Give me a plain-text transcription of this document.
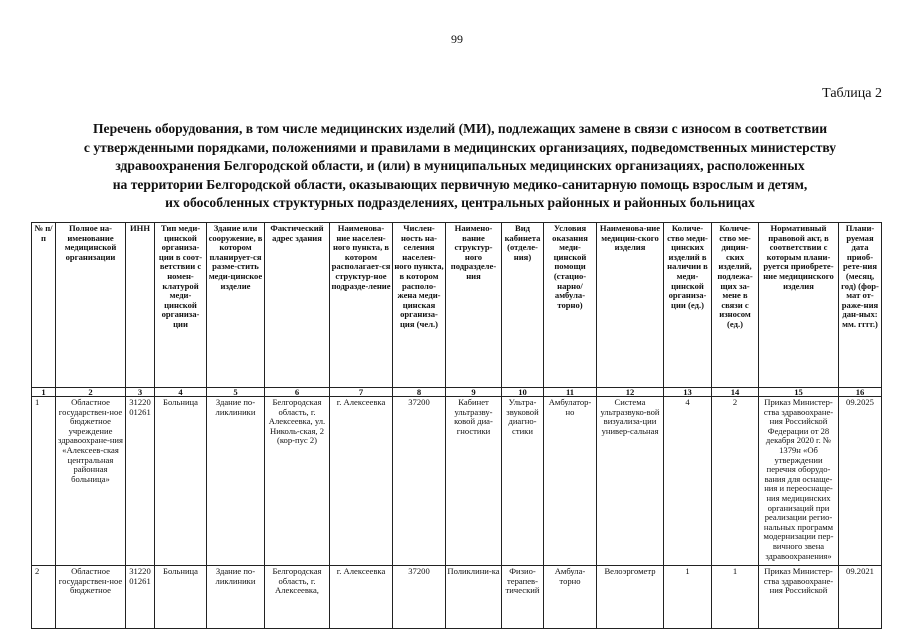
99
Таблица 2
Перечень оборудования, в том числе медицинских изделий (МИ), подлежащих замене в связи с износом в соответствии
с утвержденными порядками, положениями и правилами в медицинских организациях, подведомственных министерству
здравоохранения Белгородской области, и (или) в муниципальных медицинских организациях, расположенных
на территории Белгородской области, оказывающих первичную медико-санитарную помощь взрослым и детям,
их обособленных структурных подразделениях, центральных районных и районных больницах
№ п/п	Полное на-именование медицинской организации	ИНН	Тип меди-цинской организа-ции в соот-ветствии с номен-клатурой меди-цинской организа-ции	Здание или сооружение, в котором планирует-ся разме-стить меди-цинское изделие	Фактический адрес здания	Наименова-ние населен-ного пункта, в котором располагает-ся структур-ное подразде-ление	Числен-ность на-селения населен-ного пункта, в котором располо-жена меди-цинская организа-ция (чел.)	Наимено-вание структур-ного подразделе-ния	Вид кабинета (отделе-ния)	Условия оказания меди-цинской помощи (стацио-нарно/ амбула-торно)	Наименова-ние медицин-ского изделия	Количе-ство меди-цинских изделий в наличии в меди-цинской организа-ции (ед.)	Количе-ство ме-дицин-ских изделий, подлежа-щих за-мене в связи с износом (ед.)	Нормативный правовой акт, в соответствии с которым плани-руется приобрете-ние медицинского изделия	Плани-руемая дата приоб-рете-ния (месяц, год) (фор-мат от-раже-ния дан-ных: мм. гггг.)
1	2	3	4	5	6	7	8	9	10	11	12	13	14	15	16
1	Областное государствен-ное бюджетное учреждение здравоохране-ния «Алексеев-ская центральная районная больница»	31220 01261	Больница	Здание по-ликлиники	Белгородская область, г. Алексеевка, ул. Николь-ская, 2 (кор-пус 2)	г. Алексеевка	37200	Кабинет ультразву-ковой диа-гностики	Ультра-звуковой диагно-стики	Амбулатор-но	Система ультразвуко-вой визуализа-ции универ-сальная	4	2	Приказ Министер-ства здравоохране-ния Российской Федерации от 28 декабря 2020 г. № 1379н «Об утверждении перечня оборудо-вания для оснаще-ния и переоснаще-ния медицинских организаций при реализации регио-нальных программ модернизации пер-вичного звена здравоохранения»	09.2025
2	Областное государствен-ное бюджетное	31220 01261	Больница	Здание по-ликлиники	Белгородская область, г. Алексеевка,	г. Алексеевка	37200	Поликлини-ка	Физио-терапев-тический	Амбула-торно	Велоэргометр	1	1	Приказ Министер-ства здравоохране-ния Российской	09.2021
